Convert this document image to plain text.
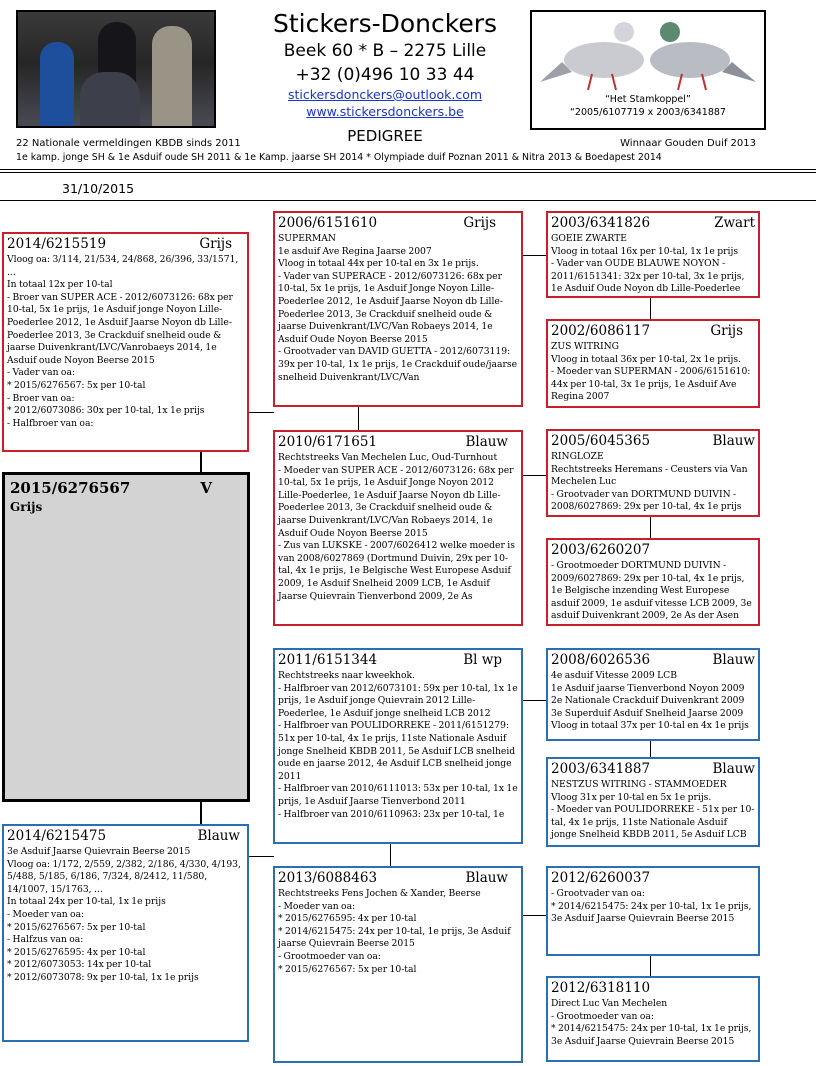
Stickers-Donckers
Beek 60 * B – 2275 Lille
+32 (0)496 10 33 44
stickersdonckers@outlook.com
www.stickersdonckers.be
PEDIGREE
“Het Stamkoppel”
“2005/6107719 x 2003/6341887
22 Nationale vermeldingen KBDB sinds 2011	Winnaar Gouden Duif 2013
1e kamp. jonge SH & 1e Asduif oude SH 2011 & 1e Kamp. jaarse SH 2014 * Olympiade duif Poznan 2011 & Nitra 2013 & Boedapest 2014
31/10/2015
2015/6276567	V
Grijs
2014/6215519	Grijs
Vloog oa: 3/114, 21/534, 24/868, 26/396, 33/1571, ...
In totaal 12x per 10-tal
- Broer van SUPER ACE - 2012/6073126: 68x per 10-tal, 5x 1e prijs, 1e Asduif jonge Noyon Lille-Poederlee 2012, 1e Asduif Jaarse Noyon db Lille-Poederlee 2013, 3e Crackduif snelheid oude & jaarse Duivenkrant/LVC/Vanrobaeys 2014, 1e Asduif oude Noyon Beerse 2015
- Vader van oa:
* 2015/6276567: 5x per 10-tal
- Broer van oa:
* 2012/6073086: 30x per 10-tal, 1x 1e prijs
- Halfbroer van oa:
2014/6215475	Blauw
3e Asduif Jaarse Quievrain Beerse 2015
Vloog oa: 1/172, 2/559, 2/382, 2/186, 4/330, 4/193, 5/488, 5/185, 6/186, 7/324, 8/2412, 11/580, 14/1007, 15/1763, ...
In totaal 24x per 10-tal, 1x 1e prijs
- Moeder van oa:
* 2015/6276567: 5x per 10-tal
- Halfzus van oa:
* 2015/6276595: 4x per 10-tal
* 2012/6073053: 14x per 10-tal
* 2012/6073078: 9x per 10-tal, 1x 1e prijs
2006/6151610	Grijs
SUPERMAN
1e asduif Ave Regina Jaarse 2007
Vloog in totaal 44x per 10-tal en 3x 1e prijs.
- Vader van SUPERACE - 2012/6073126: 68x per 10-tal, 5x 1e prijs, 1e Asduif Jonge Noyon Lille-Poederlee 2012, 1e Asduif Jaarse Noyon db Lille-Poederlee 2013, 3e Crackduif snelheid oude & jaarse Duivenkrant/LVC/Van Robaeys 2014, 1e Asduif Oude Noyon Beerse 2015
- Grootvader van DAVID GUETTA - 2012/6073119: 39x per 10-tal, 1x 1e prijs, 1e Crackduif oude/jaarse snelheid Duivenkrant/LVC/Van
2010/6171651	Blauw
Rechtstreeks Van Mechelen Luc, Oud-Turnhout
- Moeder van SUPER ACE - 2012/6073126: 68x per 10-tal, 5x 1e prijs, 1e Asduif Jonge Noyon 2012 Lille-Poederlee, 1e Asduif Jaarse Noyon db Lille-Poederlee 2013, 3e Crackduif snelheid oude & jaarse Duivenkrant/LVC/Van Robaeys 2014, 1e Asduif Oude Noyon Beerse 2015
- Zus van LUKSKE - 2007/6026412 welke moeder is van 2008/6027869 (Dortmund Duivin, 29x per 10-tal, 4x 1e prijs, 1e Belgische West Europese Asduif 2009, 1e Asduif Snelheid 2009 LCB, 1e Asduif Jaarse Quievrain Tienverbond 2009, 2e As
2011/6151344	Bl wp
Rechtstreeks naar kweekhok.
- Halfbroer van 2012/6073101: 59x per 10-tal, 1x 1e prijs, 1e Asduif jonge Quievrain 2012 Lille-Poederlee, 1e Asduif jonge snelheid LCB 2012
- Halfbroer van POULIDORREKE - 2011/6151279: 51x per 10-tal, 4x 1e prijs, 11ste Nationale Asduif jonge Snelheid KBDB 2011, 5e Asduif LCB snelheid oude en jaarse 2012, 4e Asduif LCB snelheid jonge 2011
- Halfbroer van 2010/6111013: 53x per 10-tal, 1x 1e prijs, 1e Asduif Jaarse Tienverbond 2011
- Halfbroer van 2010/6110963: 23x per 10-tal, 1e
2013/6088463	Blauw
Rechtstreeks Fens Jochen & Xander, Beerse
- Moeder van oa:
* 2015/6276595: 4x per 10-tal
* 2014/6215475: 24x per 10-tal, 1e prijs, 3e Asduif jaarse Quievrain Beerse 2015
- Grootmoeder van oa:
* 2015/6276567: 5x per 10-tal
2003/6341826	Zwart
GOEIE ZWARTE
Vloog in totaal 16x per 10-tal, 1x 1e prijs
- Vader van OUDE BLAUWE NOYON - 2011/6151341: 32x per 10-tal, 3x 1e prijs, 1e Asduif Oude Noyon db Lille-Poederlee
2002/6086117	Grijs
ZUS WITRING
Vloog in totaal 36x per 10-tal, 2x 1e prijs.
- Moeder van SUPERMAN - 2006/6151610: 44x per 10-tal, 3x 1e prijs, 1e Asduif Ave Regina 2007
2005/6045365	Blauw
RINGLOZE
Rechtstreeks Heremans - Ceusters via Van Mechelen Luc
- Grootvader van DORTMUND DUIVIN - 2008/6027869: 29x per 10-tal, 4x 1e prijs
2003/6260207
- Grootmoeder DORTMUND DUIVIN - 2009/6027869: 29x per 10-tal, 4x 1e prijs, 1e Belgische inzending West Europese asduif 2009, 1e asduif vitesse LCB 2009, 3e asduif Duivenkrant 2009, 2e As der Asen
2008/6026536	Blauw
4e asduif Vitesse 2009 LCB
1e Asduif jaarse Tienverbond Noyon 2009
2e Nationale Crackduif Duivenkrant 2009
3e Superduif Asduif Snelheid Jaarse 2009
Vloog in totaal 37x per 10-tal en 4x 1e prijs
2003/6341887	Blauw
NESTZUS WITRING - STAMMOEDER
Vloog 31x per 10-tal en 5x 1e prijs.
- Moeder van POULIDORREKE - 51x per 10-tal, 4x 1e prijs, 11ste Nationale Asduif jonge Snelheid KBDB 2011, 5e Asduif LCB
2012/6260037
- Grootvader van oa:
* 2014/6215475: 24x per 10-tal, 1x 1e prijs, 3e Asduif Jaarse Quievrain Beerse 2015
2012/6318110
Direct Luc Van Mechelen
- Grootmoeder van oa:
* 2014/6215475: 24x per 10-tal, 1x 1e prijs, 3e Asduif Jaarse Quievrain Beerse 2015
